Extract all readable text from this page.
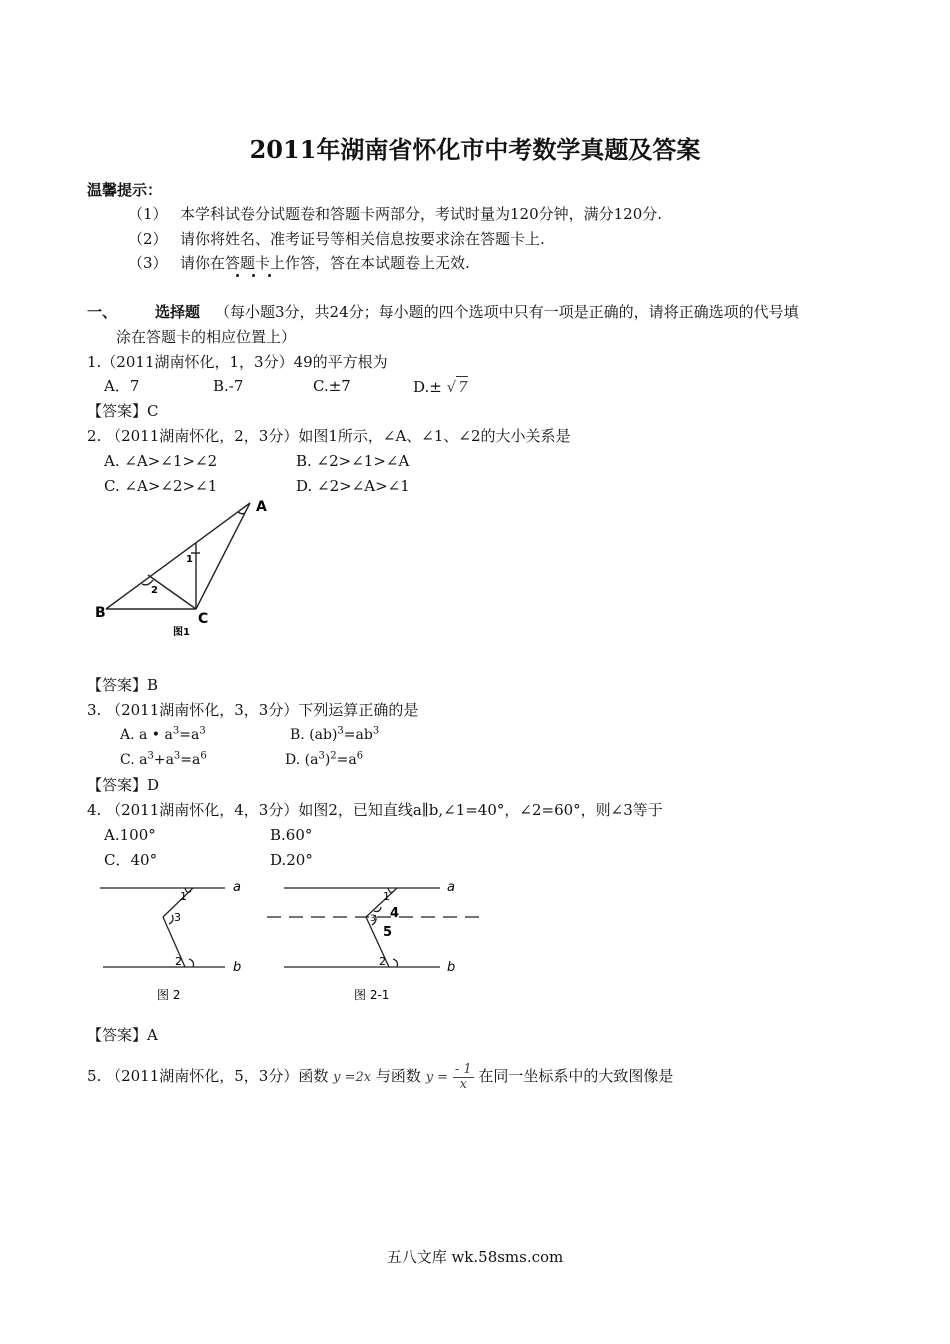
2011年湖南省怀化市中考数学真题及答案
温馨提示：
（1） 本学科试卷分试题卷和答题卡两部分，考试时量为120分钟，满分120分.
（2） 请你将姓名、准考证号等相关信息按要求涂在答题卡上.
（3） 请你在答题卡上作答，答在本试题卷上无效.
一、	选择题 （每小题3分，共24分；每小题的四个选项中只有一项是正确的，请将正确选项的代号填
涂在答题卡的相应位置上）
1.（2011湖南怀化，1，3分）49的平方根为
A．7	B.-7	C.±7	D.± √ 7
【答案】C
2. （2011湖南怀化，2，3分）如图1所示，∠A、∠1、∠2的大小关系是
A. ∠A>∠1>∠2	B. ∠2>∠1>∠A
C. ∠A>∠2>∠1	D. ∠2>∠A>∠1
A
B	C
1
2
图1
【答案】B
3. （2011湖南怀化，3，3分）下列运算正确的是
A. a • $a^3=a^3$	B. $(ab)^3=ab^3$
C. $a^3+a^3=a^6$	D. $(a^3)^2=a^6$
【答案】D
4. （2011湖南怀化，4，3分）如图2，已知直线a∥b,∠1=40°，∠2=60°，则∠3等于
A.100°	B.60°
C．40°	D.20°
a
b
1
3
2
图 2
a
b
1
3 4
5
2
图 2-1
【答案】A
5. （2011湖南怀化，5，3分）函数 y =2x 与函数 $y = \frac{- 1}{x}$ 在同一坐标系中的大致图像是
五八文库 wk.58sms.com
